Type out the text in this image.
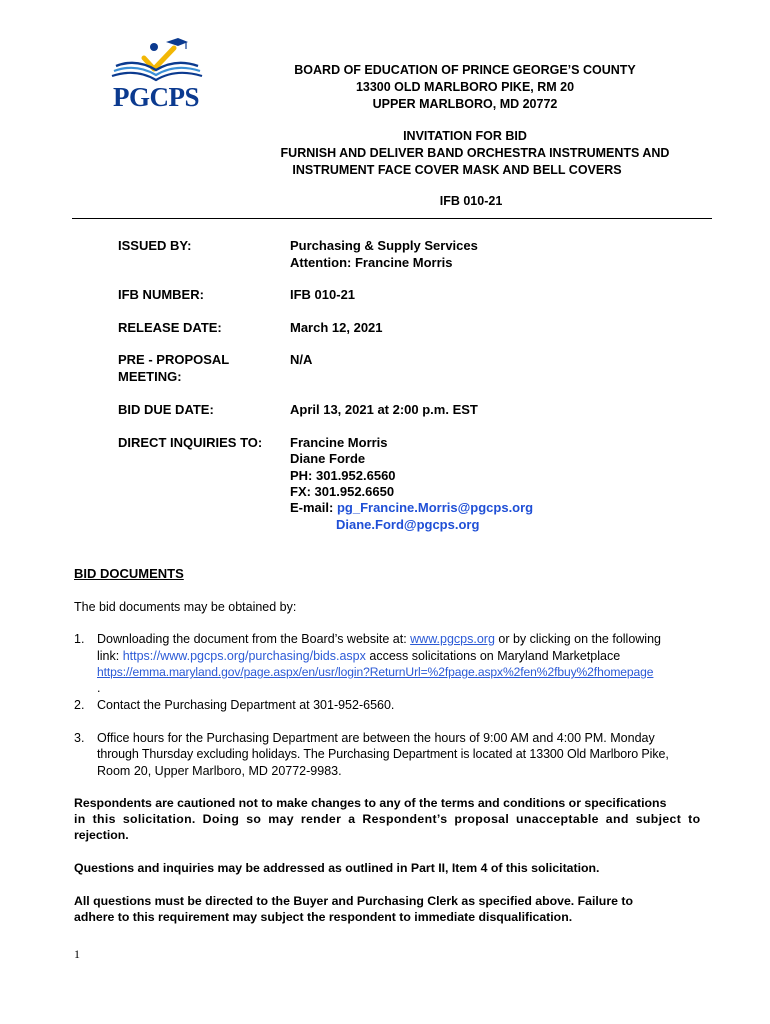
PGCPS
BOARD OF EDUCATION OF PRINCE GEORGE’S COUNTY
13300 OLD MARLBORO PIKE, RM 20
UPPER MARLBORO, MD 20772
INVITATION FOR BID
FURNISH AND DELIVER BAND ORCHESTRA INSTRUMENTS AND
INSTRUMENT FACE COVER MASK AND BELL COVERS
IFB 010-21
ISSUED BY:	Purchasing & Supply Services
Attention: Francine Morris
IFB NUMBER:	IFB 010-21
RELEASE DATE:	March 12, 2021
PRE - PROPOSAL
MEETING:
N/A
BID DUE DATE:	April 13, 2021 at 2:00 p.m. EST
DIRECT INQUIRIES TO: Francine Morris
Diane Forde
PH: 301.952.6560
FX: 301.952.6650
E-mail: pg_Francine.Morris@pgcps.org
Diane.Ford@pgcps.org
BID DOCUMENTS
The bid documents may be obtained by:
1. Downloading the document from the Board’s website at: www.pgcps.org or by clicking on the following
link: https://www.pgcps.org/purchasing/bids.aspx access solicitations on Maryland Marketplace
https://emma.maryland.gov/page.aspx/en/usr/login?ReturnUrl=%2fpage.aspx%2fen%2fbuy%2fhomepage
.
2. Contact the Purchasing Department at 301-952-6560.
3. Office hours for the Purchasing Department are between the hours of 9:00 AM and 4:00 PM. Monday
through Thursday excluding holidays. The Purchasing Department is located at 13300 Old Marlboro Pike,
Room 20, Upper Marlboro, MD 20772-9983.
Respondents are cautioned not to make changes to any of the terms and conditions or specifications
in this solicitation. Doing so may render a Respondent’s proposal unacceptable and subject to
rejection.
Questions and inquiries may be addressed as outlined in Part II, Item 4 of this solicitation.
All questions must be directed to the Buyer and Purchasing Clerk as specified above. Failure to
adhere to this requirement may subject the respondent to immediate disqualification.
1
